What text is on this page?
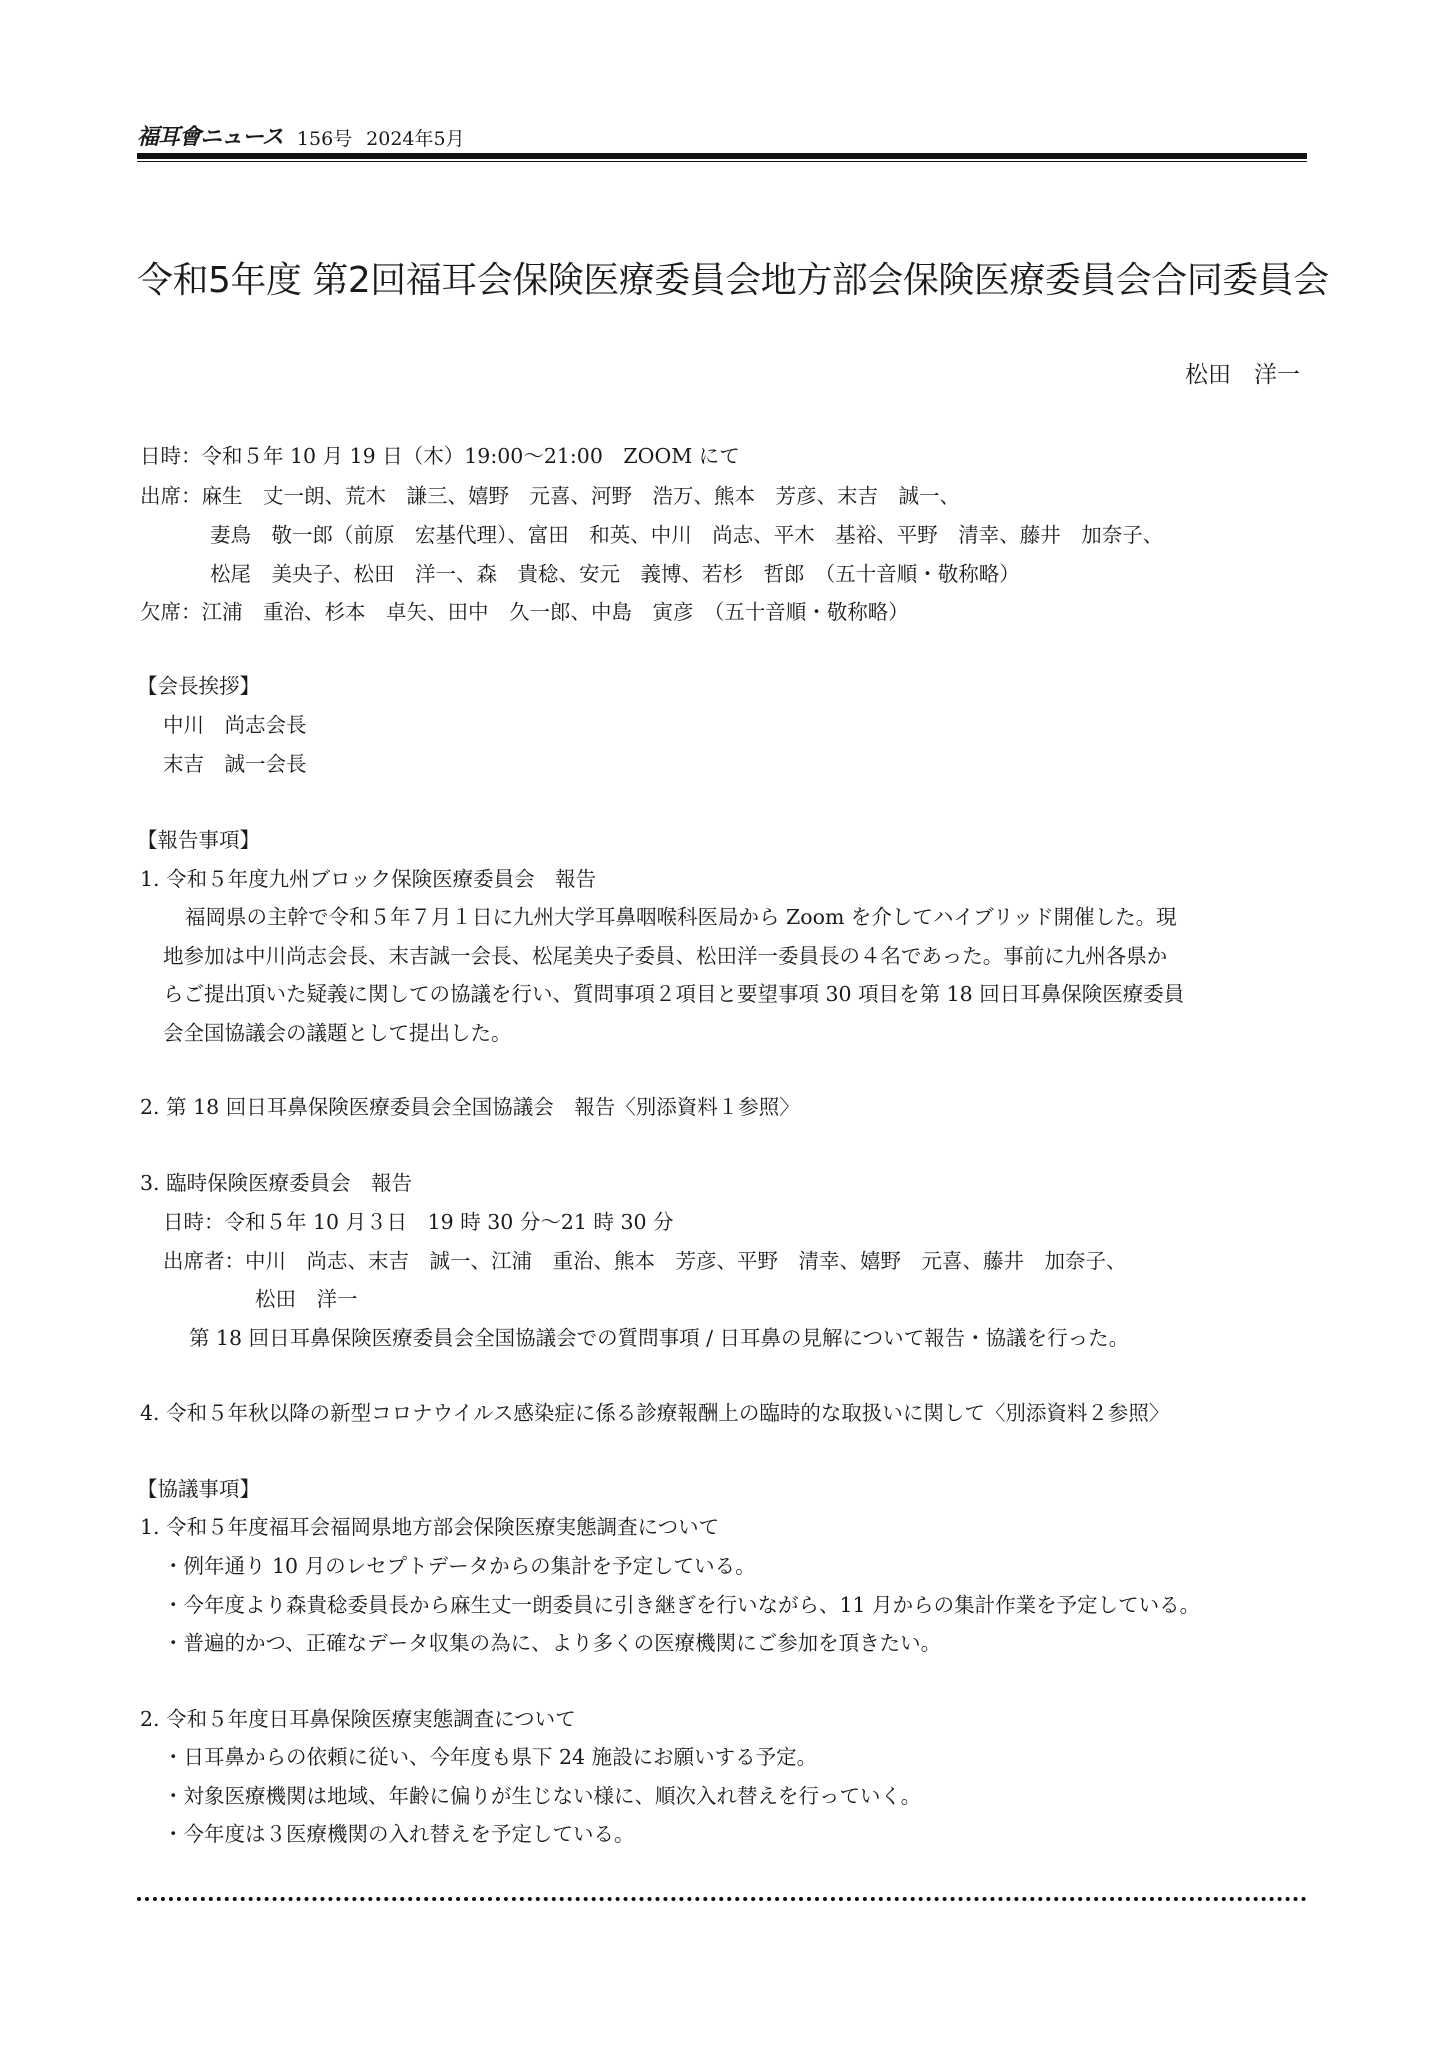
福耳會ニュース 156号 2024年5月
令和5年度 第2回福耳会保険医療委員会地方部会保険医療委員会合同委員会
松田　洋一
日時：令和５年 10 月 19 日（木）19:00〜21:00　ZOOM にて
出席：麻生　丈一朗、荒木　謙三、嬉野　元喜、河野　浩万、熊本　芳彦、末吉　誠一、
妻鳥　敬一郎（前原　宏基代理）、富田　和英、中川　尚志、平木　基裕、平野　清幸、藤井　加奈子、
松尾　美央子、松田　洋一、森　貴稔、安元　義博、若杉　哲郎　（五十音順・敬称略）
欠席：江浦　重治、杉本　卓矢、田中　久一郎、中島　寅彦　（五十音順・敬称略）
【会長挨拶】
中川　尚志会長
末吉　誠一会長
【報告事項】
1. 令和５年度九州ブロック保険医療委員会　報告
福岡県の主幹で令和５年７月１日に九州大学耳鼻咽喉科医局から Zoom を介してハイブリッド開催した。現
地参加は中川尚志会長、末吉誠一会長、松尾美央子委員、松田洋一委員長の４名であった。事前に九州各県か
らご提出頂いた疑義に関しての協議を行い、質問事項２項目と要望事項 30 項目を第 18 回日耳鼻保険医療委員
会全国協議会の議題として提出した。
2. 第 18 回日耳鼻保険医療委員会全国協議会　報告〈別添資料１参照〉
3. 臨時保険医療委員会　報告
日時：令和５年 10 月３日　19 時 30 分〜21 時 30 分
出席者：中川　尚志、末吉　誠一、江浦　重治、熊本　芳彦、平野　清幸、嬉野　元喜、藤井　加奈子、
松田　洋一
第 18 回日耳鼻保険医療委員会全国協議会での質問事項 / 日耳鼻の見解について報告・協議を行った。
4. 令和５年秋以降の新型コロナウイルス感染症に係る診療報酬上の臨時的な取扱いに関して〈別添資料２参照〉
【協議事項】
1. 令和５年度福耳会福岡県地方部会保険医療実態調査について
・例年通り 10 月のレセプトデータからの集計を予定している。
・今年度より森貴稔委員長から麻生丈一朗委員に引き継ぎを行いながら、11 月からの集計作業を予定している。
・普遍的かつ、正確なデータ収集の為に、より多くの医療機関にご参加を頂きたい。
2. 令和５年度日耳鼻保険医療実態調査について
・日耳鼻からの依頼に従い、今年度も県下 24 施設にお願いする予定。
・対象医療機関は地域、年齢に偏りが生じない様に、順次入れ替えを行っていく。
・今年度は３医療機関の入れ替えを予定している。
